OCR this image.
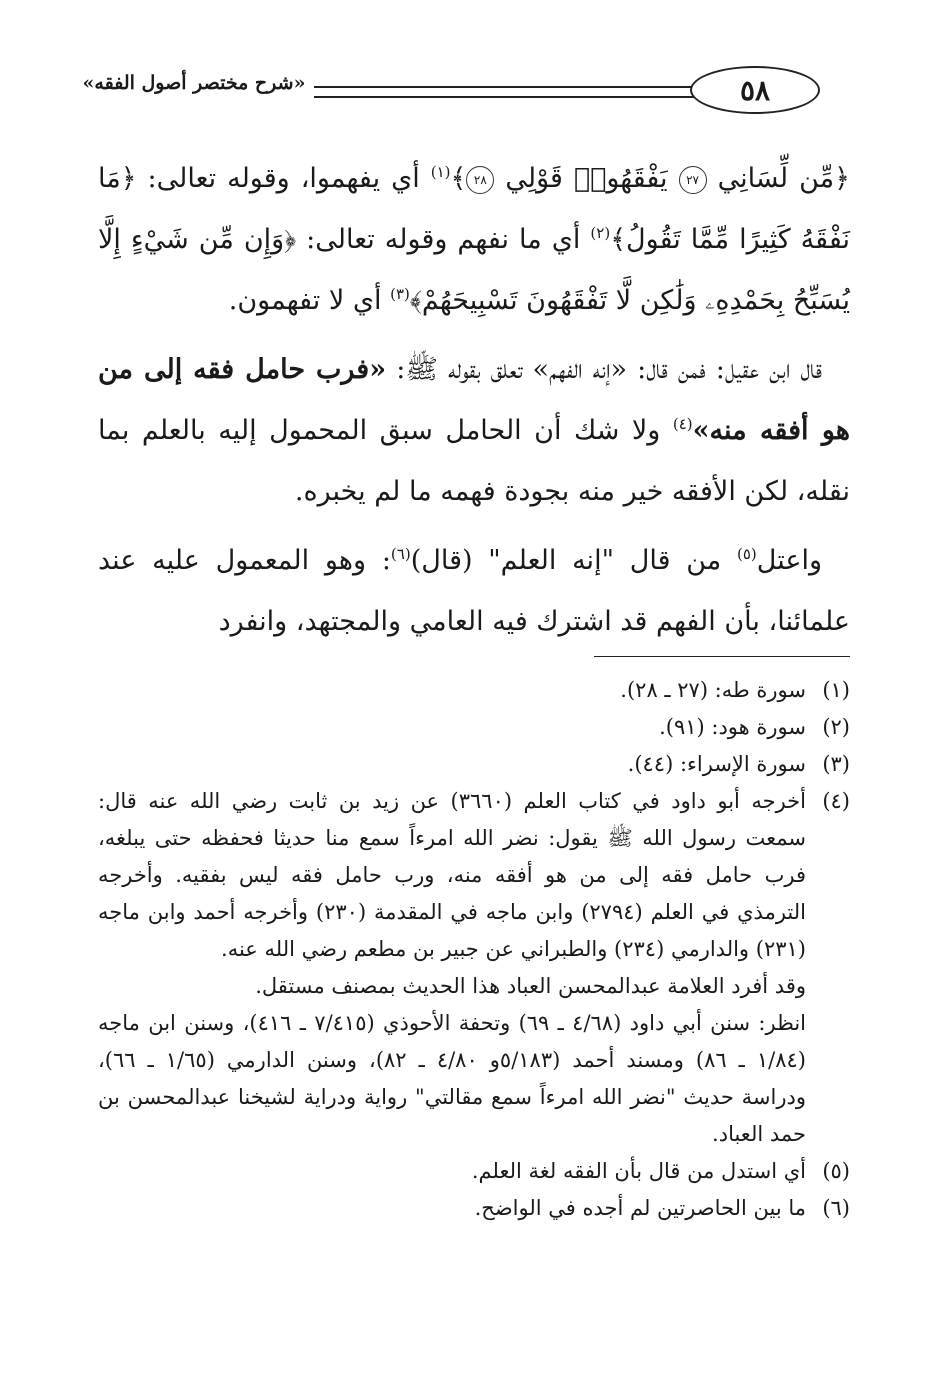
٥٨
«شرح مختصر أصول الفقه»

﴿مِّن لِّسَانِي ٢٧ يَفْقَهُوا۟ قَوْلِي ٢٨﴾$^{(١)}$ أي يفهموا، وقوله تعالى: ﴿مَا نَفْقَهُ كَثِيرًا مِّمَّا تَقُولُ﴾$^{(٢)}$ أي ما نفهم وقوله تعالى: ﴿وَإِن مِّن شَيْءٍ إِلَّا يُسَبِّحُ بِحَمْدِهِۦ وَلَٰكِن لَّا تَفْقَهُونَ تَسْبِيحَهُمْ﴾$^{(٣)}$ أي لا تفهمون.

قال ابن عقيل: فمن قال: «إنه الفهم» تعلق بقوله ﷺ: «فرب حامل فقه إلى من هو أفقه منه»$^{(٤)}$ ولا شك أن الحامل سبق المحمول إليه بالعلم بما نقله، لكن الأفقه خير منه بجودة فهمه ما لم يخبره.

واعتل$^{(٥)}$ من قال "إنه العلم" (قال)$^{(٦)}$: وهو المعمول عليه عند علمائنا، بأن الفهم قد اشترك فيه العامي والمجتهد، وانفرد

(١)

سورة طه: (٢٧ ـ ٢٨).

(٢)

سورة هود: (٩١).

(٣)

سورة الإسراء: (٤٤).

(٤)

أخرجه أبو داود في كتاب العلم (٣٦٦٠) عن زيد بن ثابت رضي الله عنه قال: سمعت رسول الله ﷺ يقول: نضر الله امرءاً سمع منا حديثا فحفظه حتى يبلغه، فرب حامل فقه إلى من هو أفقه منه، ورب حامل فقه ليس بفقيه. وأخرجه الترمذي في العلم (٢٧٩٤) وابن ماجه في المقدمة (٢٣٠) وأخرجه أحمد وابن ماجه (٢٣١) والدارمي (٢٣٤) والطبراني عن جبير بن مطعم رضي الله عنه.

وقد أفرد العلامة عبدالمحسن العباد هذا الحديث بمصنف مستقل.

انظر: سنن أبي داود (٤/٦٨ ـ ٦٩) وتحفة الأحوذي (٧/٤١٥ ـ ٤١٦)، وسنن ابن ماجه (١/٨٤ ـ ٨٦) ومسند أحمد (٥/١٨٣و ٤/٨٠ ـ ٨٢)، وسنن الدارمي (١/٦٥ ـ ٦٦)، ودراسة حديث "نضر الله امرءاً سمع مقالتي" رواية ودراية لشيخنا عبدالمحسن بن حمد العباد.

(٥)

أي استدل من قال بأن الفقه لغة العلم.

(٦)

ما بين الحاصرتين لم أجده في الواضح.
